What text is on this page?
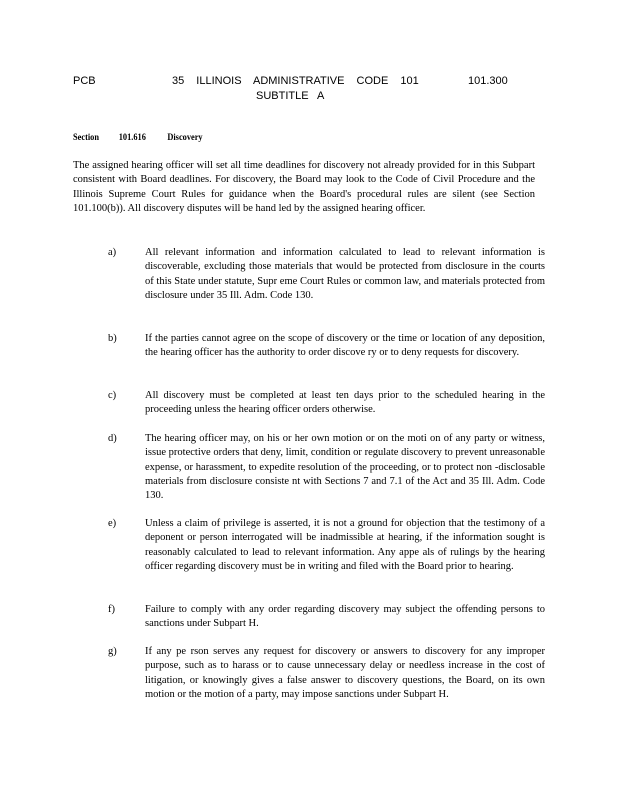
PCB	35 ILLINOIS ADMINISTRATIVE CODE 101	101.300
SUBTITLE A
Section 101.616 Discovery
The assigned hearing officer will set all time deadlines for discovery not already provided for in this Subpart consistent with Board deadlines. For discovery, the Board may look to the Code of Civil Procedure and the Illinois Supreme Court Rules for guidance when the Board's procedural rules are silent (see Section 101.100(b)). All discovery disputes will be hand led by the assigned hearing officer.
a)	All relevant information and information calculated to lead to relevant information is discoverable, excluding those materials that would be protected from disclosure in the courts of this State under statute, Supr eme Court Rules or common law, and materials protected from disclosure under 35 Ill. Adm. Code 130.
b)	If the parties cannot agree on the scope of discovery or the time or location of any deposition, the hearing officer has the authority to order discove ry or to deny requests for discovery.
c)	All discovery must be completed at least ten days prior to the scheduled hearing in the proceeding unless the hearing officer orders otherwise.
d)	The hearing officer may, on his or her own motion or on the moti on of any party or witness, issue protective orders that deny, limit, condition or regulate discovery to prevent unreasonable expense, or harassment, to expedite resolution of the proceeding, or to protect non -disclosable materials from disclosure consiste nt with Sections 7 and 7.1 of the Act and 35 Ill. Adm. Code 130.
e)	Unless a claim of privilege is asserted, it is not a ground for objection that the testimony of a deponent or person interrogated will be inadmissible at hearing, if the information sought is reasonably calculated to lead to relevant information. Any appe als of rulings by the hearing officer regarding discovery must be in writing and filed with the Board prior to hearing.
f)	Failure to comply with any order regarding discovery may subject the offending persons to sanctions under Subpart H.
g)	If any pe rson serves any request for discovery or answers to discovery for any improper purpose, such as to harass or to cause unnecessary delay or needless increase in the cost of litigation, or knowingly gives a false answer to discovery questions, the Board, on its own motion or the motion of a party, may impose sanctions under Subpart H.
